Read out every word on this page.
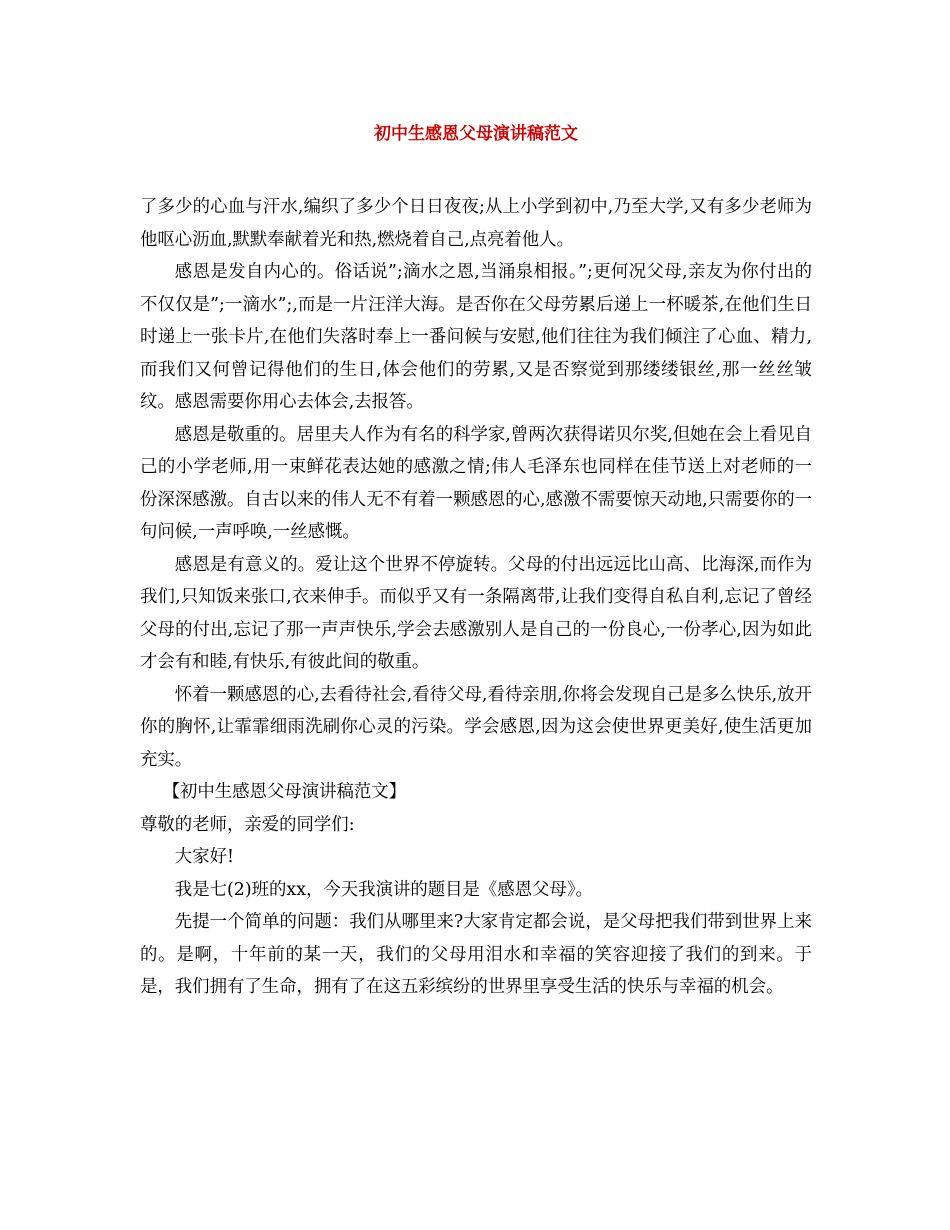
初中生感恩父母演讲稿范文

了多少的心血与汗水,编织了多少个日日夜夜;从上小学到初中,乃至大学,又有多少老师为他呕心沥血,默默奉献着光和热,燃烧着自己,点亮着他人。

感恩是发自内心的。俗话说”;滴水之恩,当涌泉相报。”;更何况父母,亲友为你付出的不仅仅是”;一滴水”;,而是一片汪洋大海。是否你在父母劳累后递上一杯暖茶,在他们生日时递上一张卡片,在他们失落时奉上一番问候与安慰,他们往往为我们倾注了心血、精力,而我们又何曾记得他们的生日,体会他们的劳累,又是否察觉到那缕缕银丝,那一丝丝皱纹。感恩需要你用心去体会,去报答。

感恩是敬重的。居里夫人作为有名的科学家,曾两次获得诺贝尔奖,但她在会上看见自己的小学老师,用一束鲜花表达她的感激之情;伟人毛泽东也同样在佳节送上对老师的一份深深感激。自古以来的伟人无不有着一颗感恩的心,感激不需要惊天动地,只需要你的一句问候,一声呼唤,一丝感慨。

感恩是有意义的。爱让这个世界不停旋转。父母的付出远远比山高、比海深,而作为我们,只知饭来张口,衣来伸手。而似乎又有一条隔离带,让我们变得自私自利,忘记了曾经父母的付出,忘记了那一声声快乐,学会去感激别人是自己的一份良心,一份孝心,因为如此才会有和睦,有快乐,有彼此间的敬重。

怀着一颗感恩的心,去看待社会,看待父母,看待亲朋,你将会发现自己是多么快乐,放开你的胸怀,让霏霏细雨洗刷你心灵的污染。学会感恩,因为这会使世界更美好,使生活更加充实。

【初中生感恩父母演讲稿范文】

尊敬的老师，亲爱的同学们:

大家好!

我是七(2)班的xx，今天我演讲的题目是《感恩父母》。

先提一个简单的问题：我们从哪里来?大家肯定都会说，是父母把我们带到世界上来的。是啊，十年前的某一天，我们的父母用泪水和幸福的笑容迎接了我们的到来。于是，我们拥有了生命，拥有了在这五彩缤纷的世界里享受生活的快乐与幸福的机会。
